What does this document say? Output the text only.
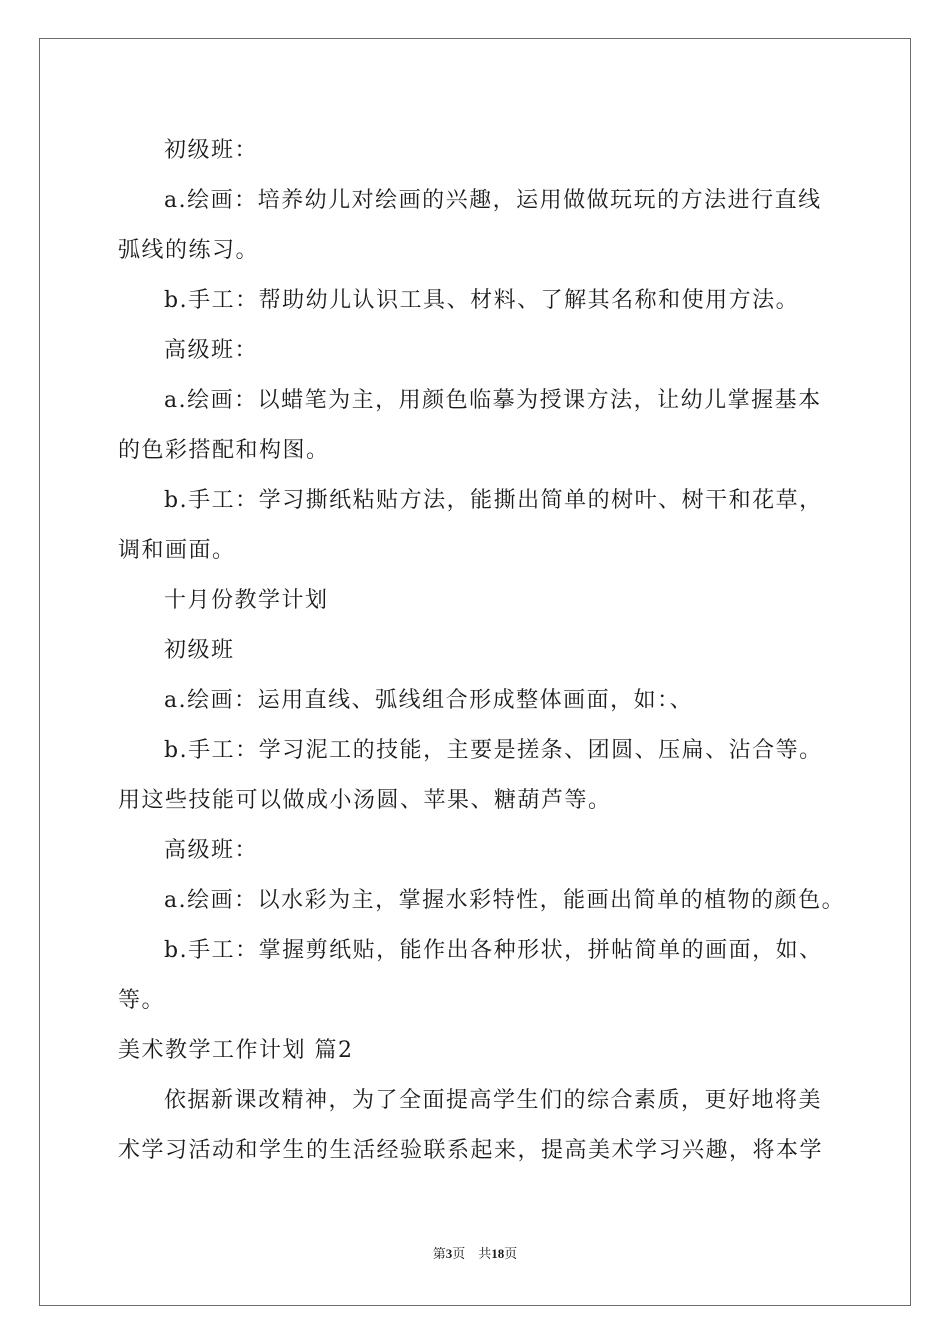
初级班：
a.绘画：培养幼儿对绘画的兴趣，运用做做玩玩的方法进行直线
弧线的练习。
b.手工：帮助幼儿认识工具、材料、了解其名称和使用方法。
高级班：
a.绘画：以蜡笔为主，用颜色临摹为授课方法，让幼儿掌握基本
的色彩搭配和构图。
b.手工：学习撕纸粘贴方法，能撕出简单的树叶、树干和花草，
调和画面。
十月份教学计划
初级班
a.绘画：运用直线、弧线组合形成整体画面，如：、
b.手工：学习泥工的技能，主要是搓条、团圆、压扁、沾合等。
用这些技能可以做成小汤圆、苹果、糖葫芦等。
高级班：
a.绘画：以水彩为主，掌握水彩特性，能画出简单的植物的颜色。
b.手工：掌握剪纸贴，能作出各种形状，拼帖简单的画面，如、
等。
美术教学工作计划 篇2
依据新课改精神，为了全面提高学生们的综合素质，更好地将美
术学习活动和学生的生活经验联系起来，提高美术学习兴趣，将本学
第3页　共18页
